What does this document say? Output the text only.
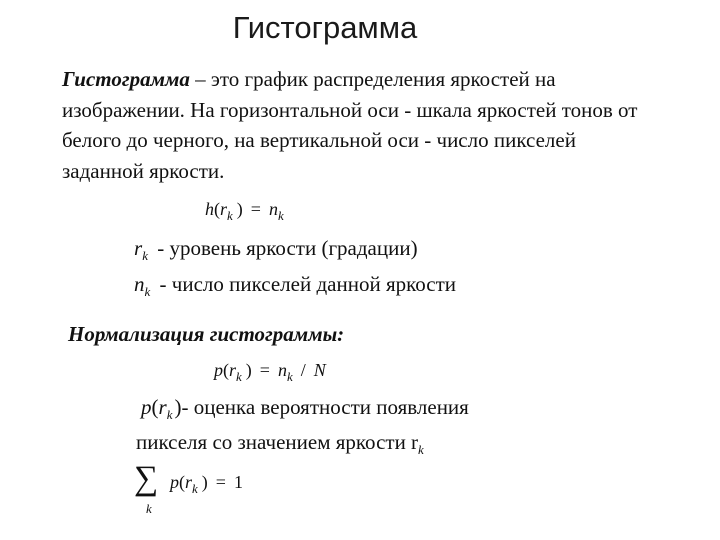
Гистограмма
Гистограмма – это график распределения яркостей на изображении. На горизонтальной оси - шкала яркостей тонов от белого до черного, на вертикальной оси - число пикселей заданной яркости.
$h(r_k$ ) = $n_k$
$r_k$ - уровень яркости (градации)
$n_k$ - число пикселей данной яркости
Нормализация гистограммы:
$p(r_k$ ) = $n_k$ / N
$p(r_k)-$ оценка вероятности появления
пикселя со значением яркости $r_k$
∑
k
$p(r_k$ ) = 1
